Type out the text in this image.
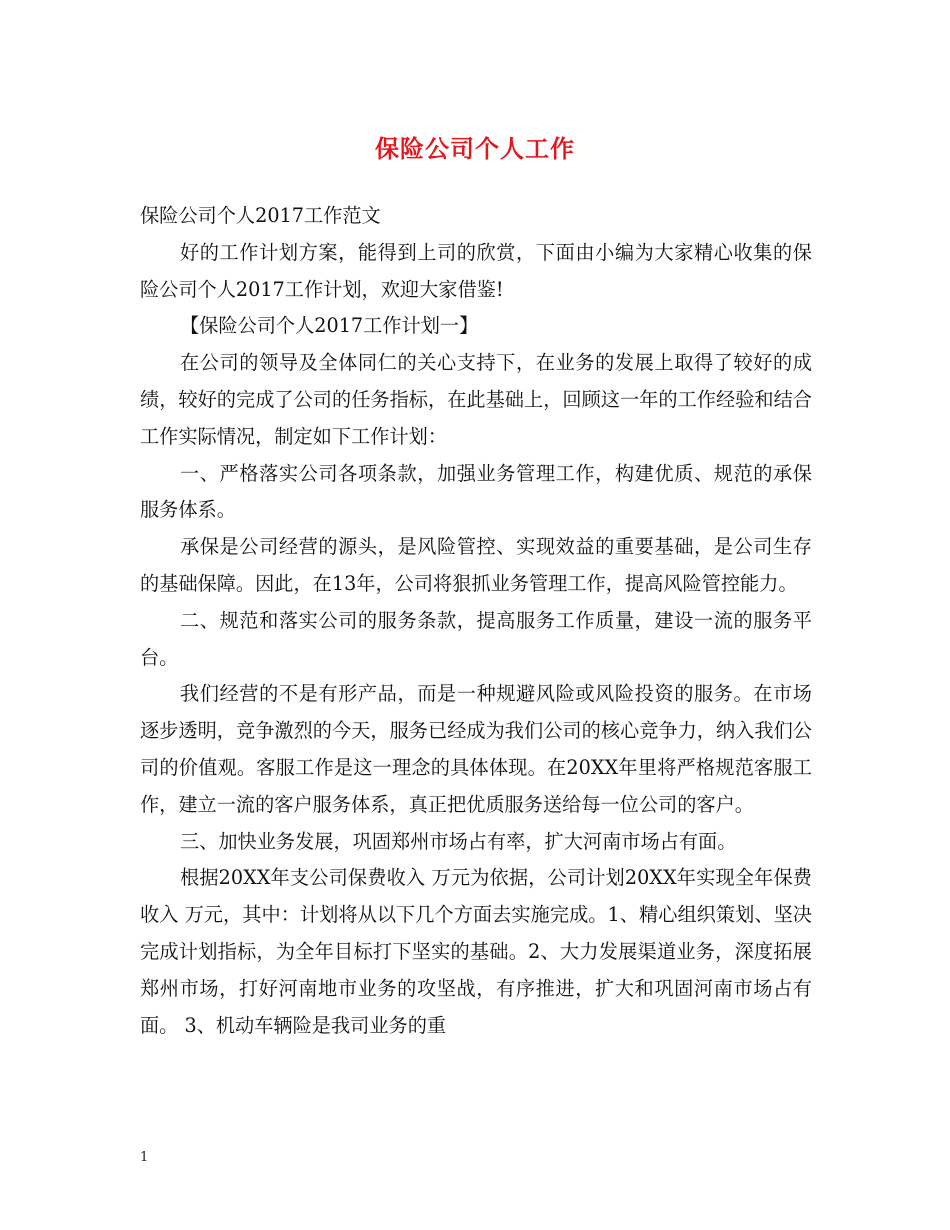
保险公司个人工作

保险公司个人2017工作范文

好的工作计划方案，能得到上司的欣赏，下面由小编为大家精心收集的保险公司个人2017工作计划，欢迎大家借鉴!

【保险公司个人2017工作计划一】

在公司的领导及全体同仁的关心支持下，在业务的发展上取得了较好的成绩，较好的完成了公司的任务指标，在此基础上，回顾这一年的工作经验和结合工作实际情况，制定如下工作计划：

一、严格落实公司各项条款，加强业务管理工作，构建优质、规范的承保服务体系。

承保是公司经营的源头，是风险管控、实现效益的重要基础，是公司生存的基础保障。因此，在13年，公司将狠抓业务管理工作，提高风险管控能力。

二、规范和落实公司的服务条款，提高服务工作质量，建设一流的服务平台。

我们经营的不是有形产品，而是一种规避风险或风险投资的服务。在市场逐步透明，竞争激烈的今天，服务已经成为我们公司的核心竞争力，纳入我们公司的价值观。客服工作是这一理念的具体体现。在20XX年里将严格规范客服工作，建立一流的客户服务体系，真正把优质服务送给每一位公司的客户。

三、加快业务发展，巩固郑州市场占有率，扩大河南市场占有面。

根据20XX年支公司保费收入 万元为依据，公司计划20XX年实现全年保费收入 万元，其中：计划将从以下几个方面去实施完成。1、精心组织策划、坚决完成计划指标，为全年目标打下坚实的基础。2、大力发展渠道业务，深度拓展郑州市场，打好河南地市业务的攻坚战，有序推进，扩大和巩固河南市场占有面。 3、机动车辆险是我司业务的重

1
